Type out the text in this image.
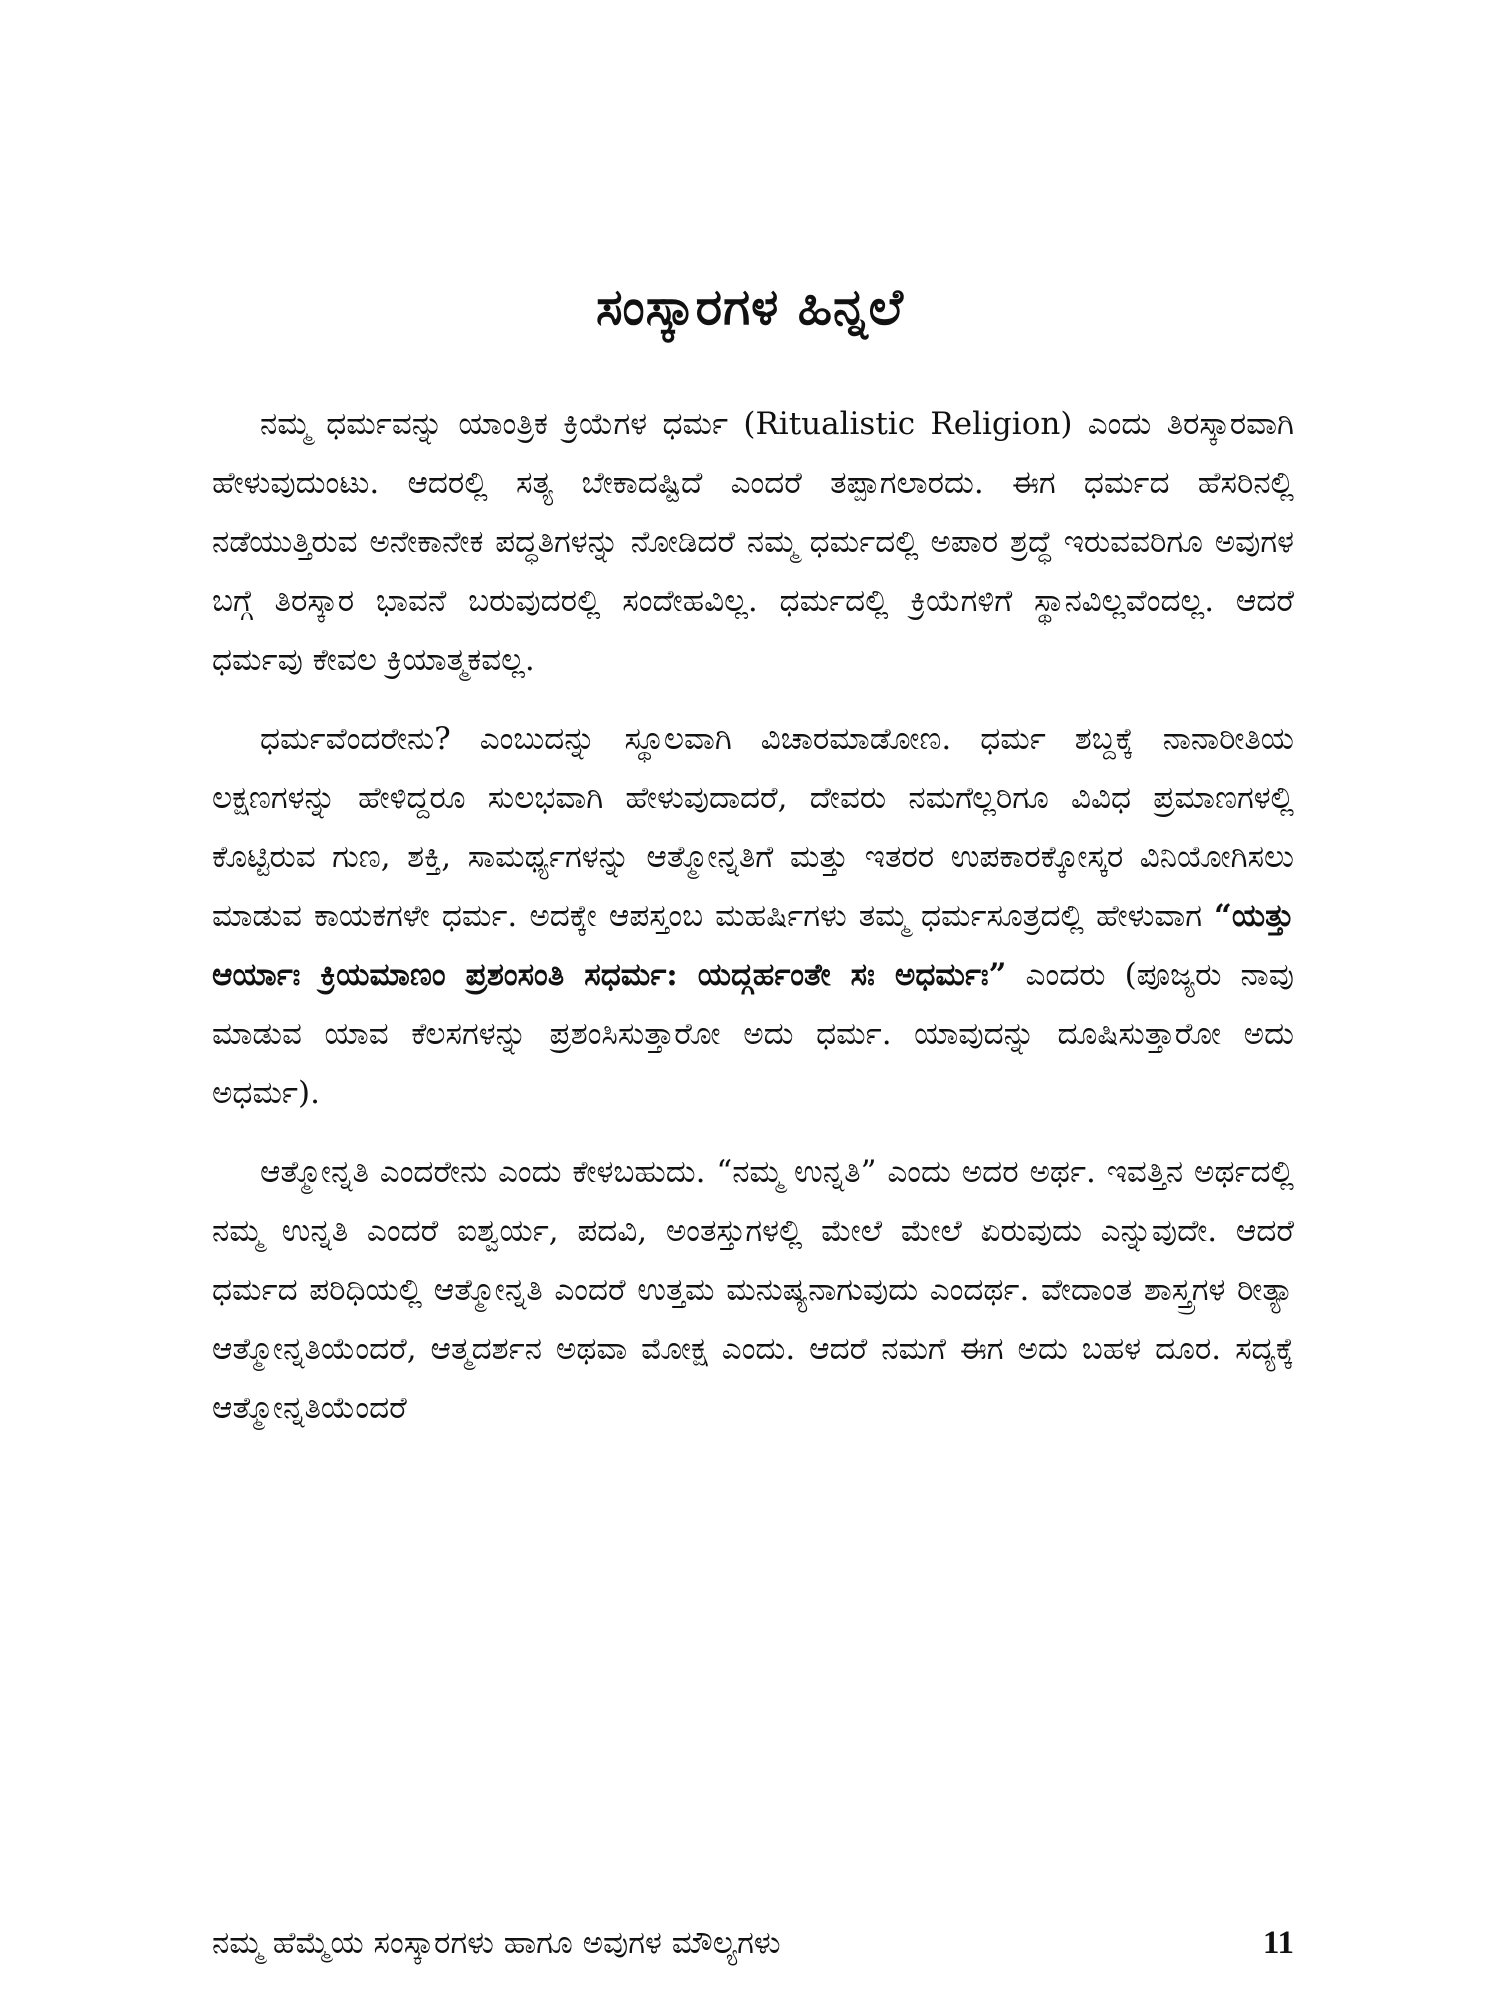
ಸಂಸ್ಕಾರಗಳ ಹಿನ್ನಲೆ

ನಮ್ಮ ಧರ್ಮವನ್ನು ಯಾಂತ್ರಿಕ ಕ್ರಿಯೆಗಳ ಧರ್ಮ (Ritualistic Religion) ಎಂದು ತಿರಸ್ಕಾರವಾಗಿ ಹೇಳುವುದುಂಟು. ಆದರಲ್ಲಿ ಸತ್ಯ ಬೇಕಾದಷ್ಟಿದೆ ಎಂದರೆ ತಪ್ಪಾಗಲಾರದು. ಈಗ ಧರ್ಮದ ಹೆಸರಿನಲ್ಲಿ ನಡೆಯುತ್ತಿರುವ ಅನೇಕಾನೇಕ ಪದ್ಧತಿಗಳನ್ನು ನೋಡಿದರೆ ನಮ್ಮ ಧರ್ಮದಲ್ಲಿ ಅಪಾರ ಶ್ರದ್ಧೆ ಇರುವವರಿಗೂ ಅವುಗಳ ಬಗ್ಗೆ ತಿರಸ್ಕಾರ ಭಾವನೆ ಬರುವುದರಲ್ಲಿ ಸಂದೇಹವಿಲ್ಲ. ಧರ್ಮದಲ್ಲಿ ಕ್ರಿಯೆಗಳಿಗೆ ಸ್ಥಾನವಿಲ್ಲವೆಂದಲ್ಲ. ಆದರೆ ಧರ್ಮವು ಕೇವಲ ಕ್ರಿಯಾತ್ಮಕವಲ್ಲ.

ಧರ್ಮವೆಂದರೇನು? ಎಂಬುದನ್ನು ಸ್ಥೂಲವಾಗಿ ವಿಚಾರಮಾಡೋಣ. ಧರ್ಮ ಶಬ್ದಕ್ಕೆ ನಾನಾರೀತಿಯ ಲಕ್ಷಣಗಳನ್ನು ಹೇಳಿದ್ದರೂ ಸುಲಭವಾಗಿ ಹೇಳುವುದಾದರೆ, ದೇವರು ನಮಗೆಲ್ಲರಿಗೂ ವಿವಿಧ ಪ್ರಮಾಣಗಳಲ್ಲಿ ಕೊಟ್ಟಿರುವ ಗುಣ, ಶಕ್ತಿ, ಸಾಮರ್ಥ್ಯಗಳನ್ನು ಆತ್ಮೋನ್ನತಿಗೆ ಮತ್ತು ಇತರರ ಉಪಕಾರಕ್ಕೋಸ್ಕರ ವಿನಿಯೋಗಿಸಲು ಮಾಡುವ ಕಾಯಕಗಳೇ ಧರ್ಮ. ಅದಕ್ಕೇ ಆಪಸ್ತಂಬ ಮಹರ್ಷಿಗಳು ತಮ್ಮ ಧರ್ಮಸೂತ್ರದಲ್ಲಿ ಹೇಳುವಾಗ “ಯತ್ತು ಆರ್ಯಾಃ ಕ್ರಿಯಮಾಣಂ ಪ್ರಶಂಸಂತಿ ಸಧರ್ಮ: ಯದ್ಗರ್ಹಂತೇ ಸಃ ಅಧರ್ಮಃ” ಎಂದರು (ಪೂಜ್ಯರು ನಾವು ಮಾಡುವ ಯಾವ ಕೆಲಸಗಳನ್ನು ಪ್ರಶಂಸಿಸುತ್ತಾರೋ ಅದು ಧರ್ಮ. ಯಾವುದನ್ನು ದೂಷಿಸುತ್ತಾರೋ ಅದು ಅಧರ್ಮ).

ಆತ್ಮೋನ್ನತಿ ಎಂದರೇನು ಎಂದು ಕೇಳಬಹುದು. “ನಮ್ಮ ಉನ್ನತಿ” ಎಂದು ಅದರ ಅರ್ಥ. ಇವತ್ತಿನ ಅರ್ಥದಲ್ಲಿ ನಮ್ಮ ಉನ್ನತಿ ಎಂದರೆ ಐಶ್ವರ್ಯ, ಪದವಿ, ಅಂತಸ್ತುಗಳಲ್ಲಿ ಮೇಲೆ ಮೇಲೆ ಏರುವುದು ಎನ್ನುವುದೇ. ಆದರೆ ಧರ್ಮದ ಪರಿಧಿಯಲ್ಲಿ ಆತ್ಮೋನ್ನತಿ ಎಂದರೆ ಉತ್ತಮ ಮನುಷ್ಯನಾಗುವುದು ಎಂದರ್ಥ. ವೇದಾಂತ ಶಾಸ್ತ್ರಗಳ ರೀತ್ಯಾ ಆತ್ಮೋನ್ನತಿಯೆಂದರೆ, ಆತ್ಮದರ್ಶನ ಅಥವಾ ಮೋಕ್ಷ ಎಂದು. ಆದರೆ ನಮಗೆ ಈಗ ಅದು ಬಹಳ ದೂರ. ಸದ್ಯಕ್ಕೆ ಆತ್ಮೋನ್ನತಿಯೆಂದರೆ

ನಮ್ಮ ಹೆಮ್ಮೆಯ ಸಂಸ್ಕಾರಗಳು ಹಾಗೂ ಅವುಗಳ ಮೌಲ್ಯಗಳು	11
